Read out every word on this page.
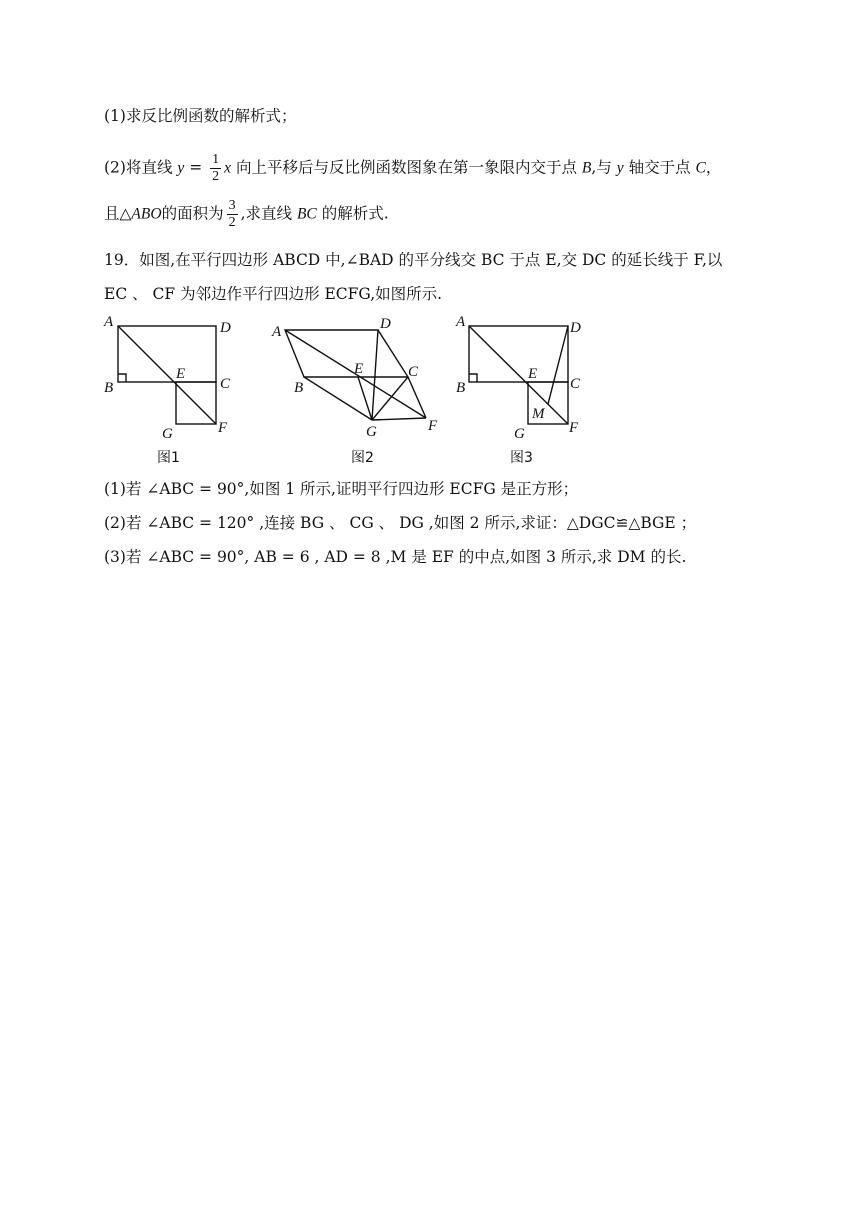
(1)求反比例函数的解析式；
(2)将直线 $y = \frac{1}{2}$ x 向上平移后与反比例函数图象在第一象限内交于点 B,与 y 轴交于点 C，
且△ABO的面积为 $\frac{3}{2}$ ,求直线 BC 的解析式.
19．如图,在平行四边形 ABCD 中,∠BAD 的平分线交 BC 于点 E,交 DC 的延长线于 F,以
EC 、 CF 为邻边作平行四边形 ECFG,如图所示.
A	D
B
E
C
G	F
图1
A	D
B
E	C
G	F
图2
A	D
B
E
C
M
G	F
图3
(1)若 ∠ABC = 90°,如图 1 所示,证明平行四边形 ECFG 是正方形；
(2)若 ∠ABC = 120° ,连接 BG 、 CG 、 DG ,如图 2 所示,求证：△DGC≌△BGE ；
(3)若 ∠ABC = 90°, AB = 6 , AD = 8 ,M 是 EF 的中点,如图 3 所示,求 DM 的长.
